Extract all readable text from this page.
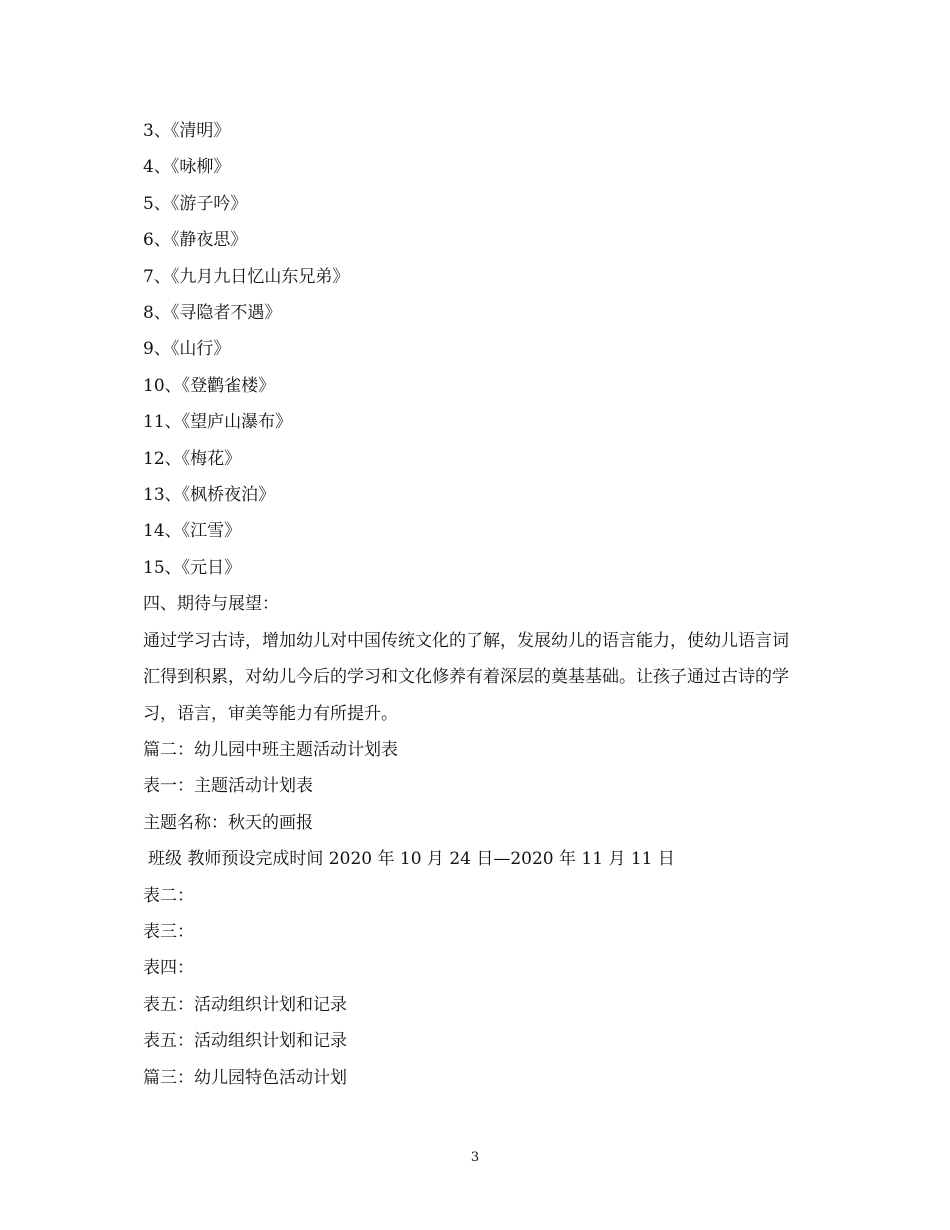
3、《清明》
4、《咏柳》
5、《游子吟》
6、《静夜思》
7、《九月九日忆山东兄弟》
8、《寻隐者不遇》
9、《山行》
10、《登鹳雀楼》
11、《望庐山瀑布》
12、《梅花》
13、《枫桥夜泊》
14、《江雪》
15、《元日》
四、期待与展望：
通过学习古诗，增加幼儿对中国传统文化的了解，发展幼儿的语言能力，使幼儿语言词汇得到积累，对幼儿今后的学习和文化修养有着深层的奠基基础。让孩子通过古诗的学习，语言，审美等能力有所提升。
篇二：幼儿园中班主题活动计划表
表一：主题活动计划表
主题名称：秋天的画报
班级 教师预设完成时间 2020 年 10 月 24 日—2020 年 11 月 11 日
表二：
表三：
表四：
表五：活动组织计划和记录
表五：活动组织计划和记录
篇三：幼儿园特色活动计划
3
